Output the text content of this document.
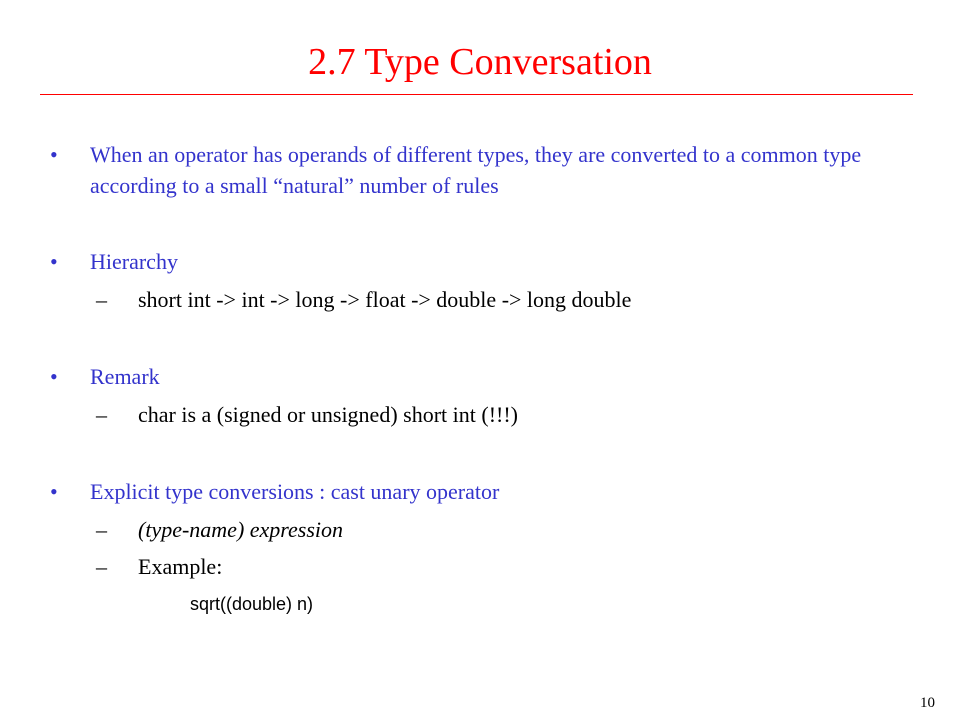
2.7 Type Conversation
•	When an operator has operands of different types, they are converted to a common type according to a small “natural” number of rules
•	Hierarchy
– short int -> int -> long -> float -> double -> long double
•	Remark
– char is a (signed or unsigned) short int (!!!)
•	Explicit type conversions : cast unary operator
– (type-name) expression
– Example:
sqrt((double) n)
10
